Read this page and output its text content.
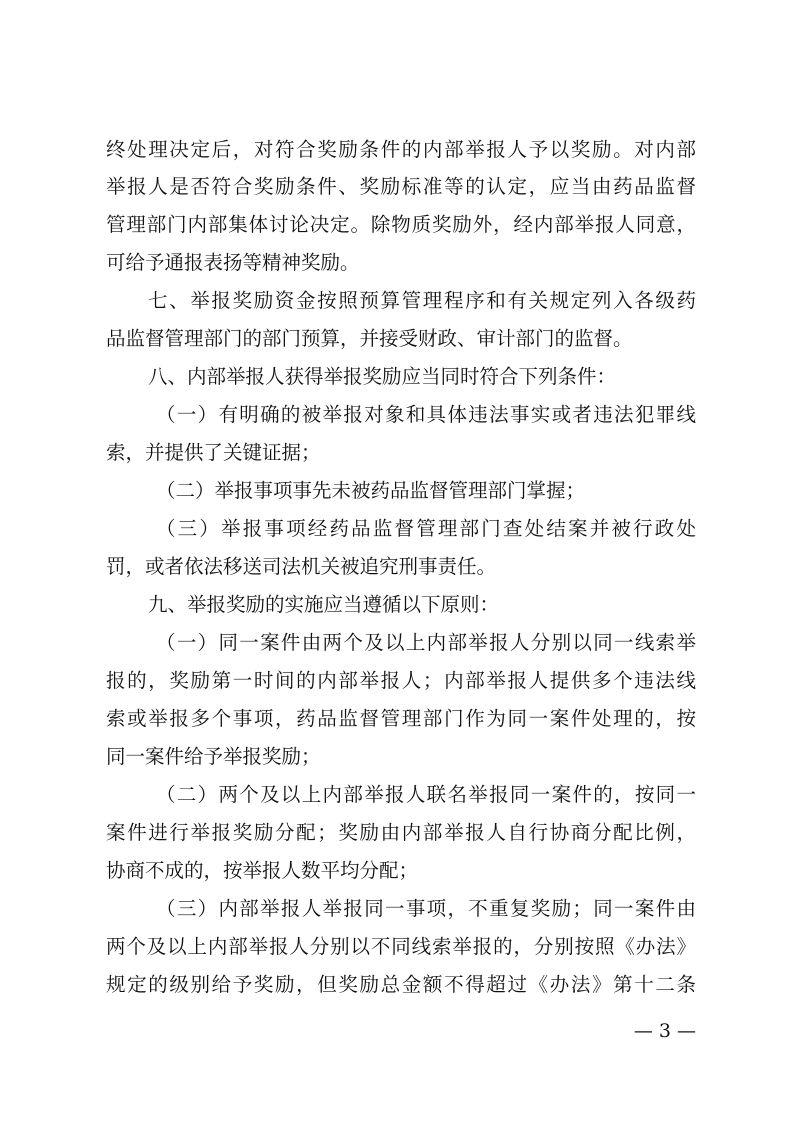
终处理决定后，对符合奖励条件的内部举报人予以奖励。对内部
举报人是否符合奖励条件、奖励标准等的认定，应当由药品监督
管理部门内部集体讨论决定。除物质奖励外，经内部举报人同意，
可给予通报表扬等精神奖励。
七、举报奖励资金按照预算管理程序和有关规定列入各级药
品监督管理部门的部门预算，并接受财政、审计部门的监督。
八、内部举报人获得举报奖励应当同时符合下列条件：
（一）有明确的被举报对象和具体违法事实或者违法犯罪线
索，并提供了关键证据；
（二）举报事项事先未被药品监督管理部门掌握；
（三）举报事项经药品监督管理部门查处结案并被行政处
罚，或者依法移送司法机关被追究刑事责任。
九、举报奖励的实施应当遵循以下原则：
（一）同一案件由两个及以上内部举报人分别以同一线索举
报的，奖励第一时间的内部举报人；内部举报人提供多个违法线
索或举报多个事项，药品监督管理部门作为同一案件处理的，按
同一案件给予举报奖励；
（二）两个及以上内部举报人联名举报同一案件的，按同一
案件进行举报奖励分配；奖励由内部举报人自行协商分配比例，
协商不成的，按举报人数平均分配；
（三）内部举报人举报同一事项，不重复奖励；同一案件由
两个及以上内部举报人分别以不同线索举报的，分别按照《办法》
规定的级别给予奖励，但奖励总金额不得超过《办法》第十二条
— 3 —
